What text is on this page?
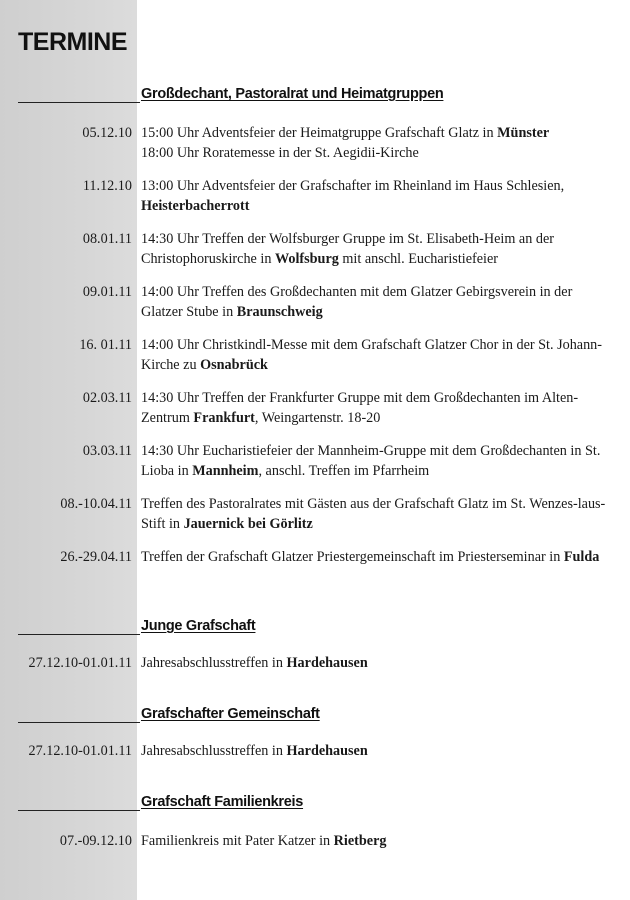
TERMINE
Großdechant, Pastoralrat und Heimatgruppen
05.12.10 15:00 Uhr Adventsfeier der Heimatgruppe Grafschaft Glatz in Münster
18:00 Uhr Roratemesse in der St. Aegidii-Kirche
11.12.10 13:00 Uhr Adventsfeier der Grafschafter im Rheinland im Haus Schlesien, Heisterbacherrott
08.01.11 14:30 Uhr Treffen der Wolfsburger Gruppe im St. Elisabeth-Heim an der Christophoruskirche in Wolfsburg mit anschl. Eucharistiefeier
09.01.11 14:00 Uhr Treffen des Großdechanten mit dem Glatzer Gebirgsverein in der Glatzer Stube in Braunschweig
16. 01.11 14:00 Uhr Christkindl-Messe mit dem Grafschaft Glatzer Chor in der St. Johann-Kirche zu Osnabrück
02.03.11 14:30 Uhr Treffen der Frankfurter Gruppe mit dem Großdechanten im Alten-Zentrum Frankfurt, Weingartenstr. 18-20
03.03.11 14:30 Uhr Eucharistiefeier der Mannheim-Gruppe mit dem Großdechanten in St. Lioba in Mannheim, anschl. Treffen im Pfarrheim
08.-10.04.11 Treffen des Pastoralrates mit Gästen aus der Grafschaft Glatz im St. Wenzes-laus-Stift in Jauernick bei Görlitz
26.-29.04.11 Treffen der Grafschaft Glatzer Priestergemeinschaft im Priesterseminar in Fulda
Junge Grafschaft
27.12.10-01.01.11 Jahresabschlusstreffen in Hardehausen
Grafschafter Gemeinschaft
27.12.10-01.01.11 Jahresabschlusstreffen in Hardehausen
Grafschaft Familienkreis
07.-09.12.10 Familienkreis mit Pater Katzer in Rietberg
